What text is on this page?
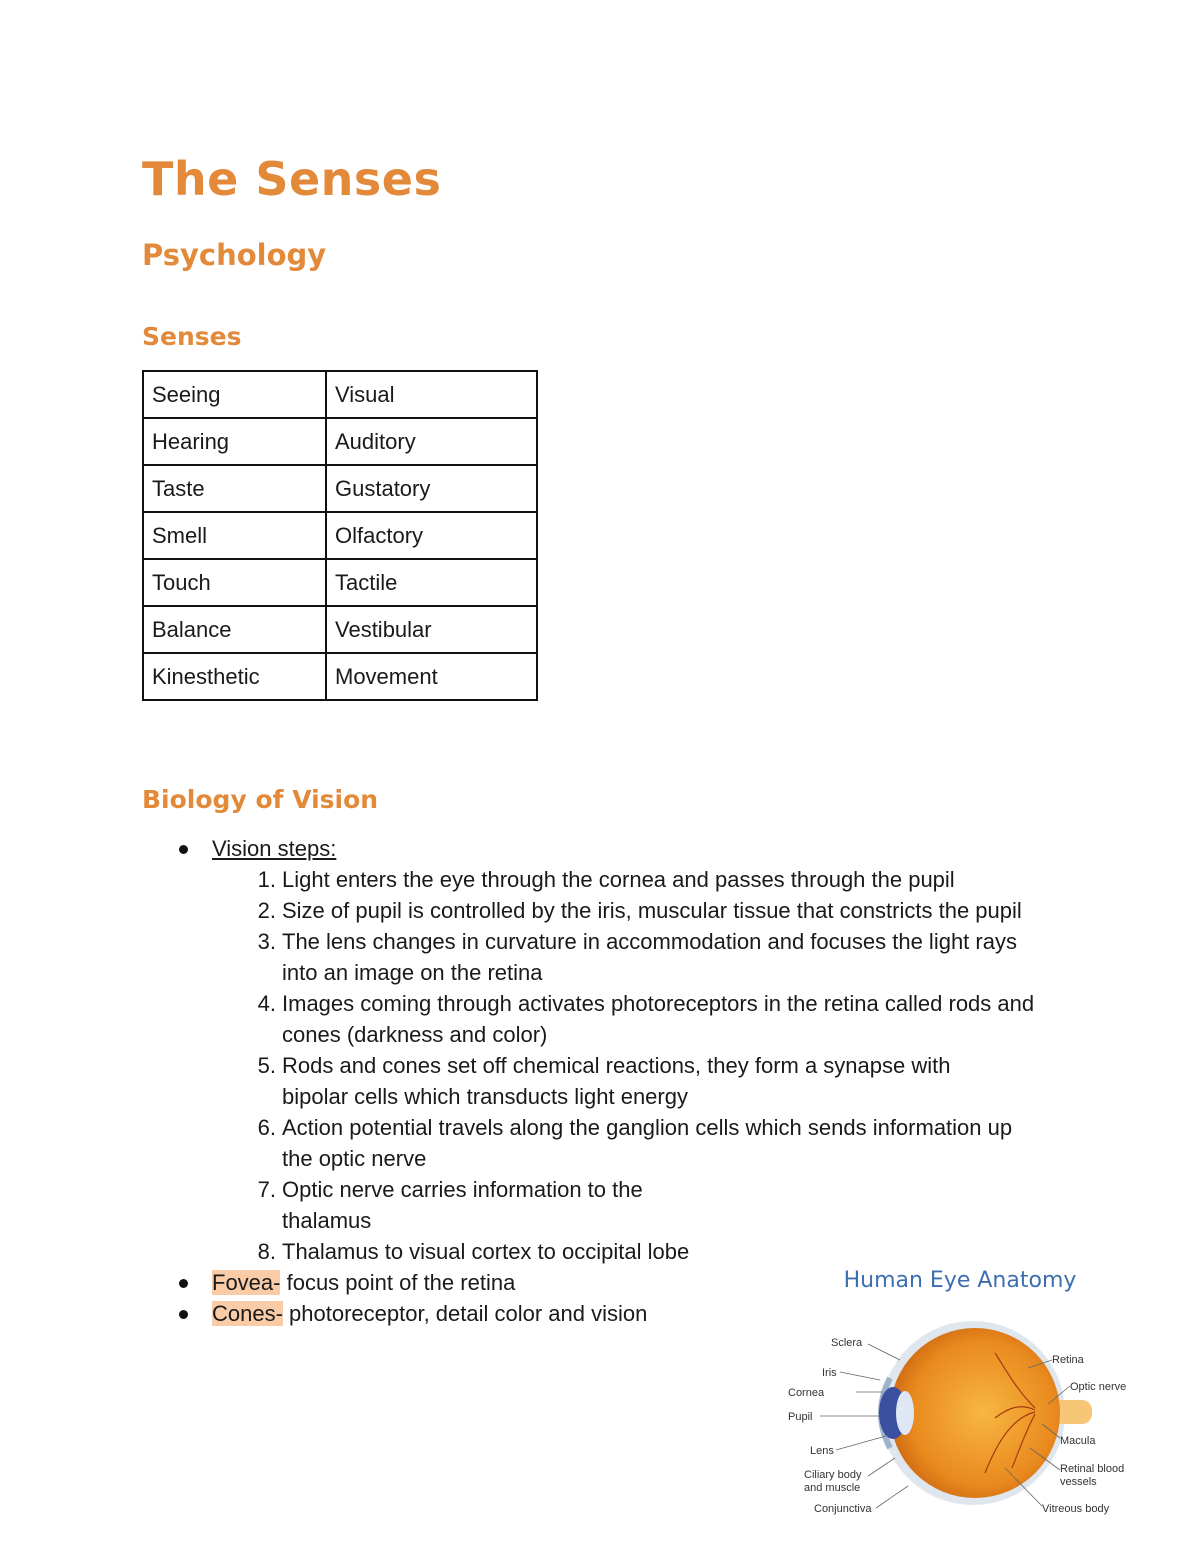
The Senses
Psychology
Senses
Seeing	Visual
Hearing	Auditory
Taste	Gustatory
Smell	Olfactory
Touch	Tactile
Balance	Vestibular
Kinesthetic	Movement
Biology of Vision
Vision steps:
1. Light enters the eye through the cornea and passes through the pupil
2. Size of pupil is controlled by the iris, muscular tissue that constricts the pupil
3. The lens changes in curvature in accommodation and focuses the light rays into an image on the retina
4. Images coming through activates photoreceptors in the retina called rods and cones (darkness and color)
5. Rods and cones set off chemical reactions, they form a synapse with bipolar cells which transducts light energy
6. Action potential travels along the ganglion cells which sends information up the optic nerve
7. Optic nerve carries information to the thalamus
8. Thalamus to visual cortex to occipital lobe
Fovea- focus point of the retina
Cones- photoreceptor, detail color and vision
Human Eye Anatomy
Sclera
Iris
Cornea
Pupil
Lens
Ciliary body
and muscle
Conjunctiva
Retina
Optic nerve
Macula
Retinal blood
vessels
Vitreous body
